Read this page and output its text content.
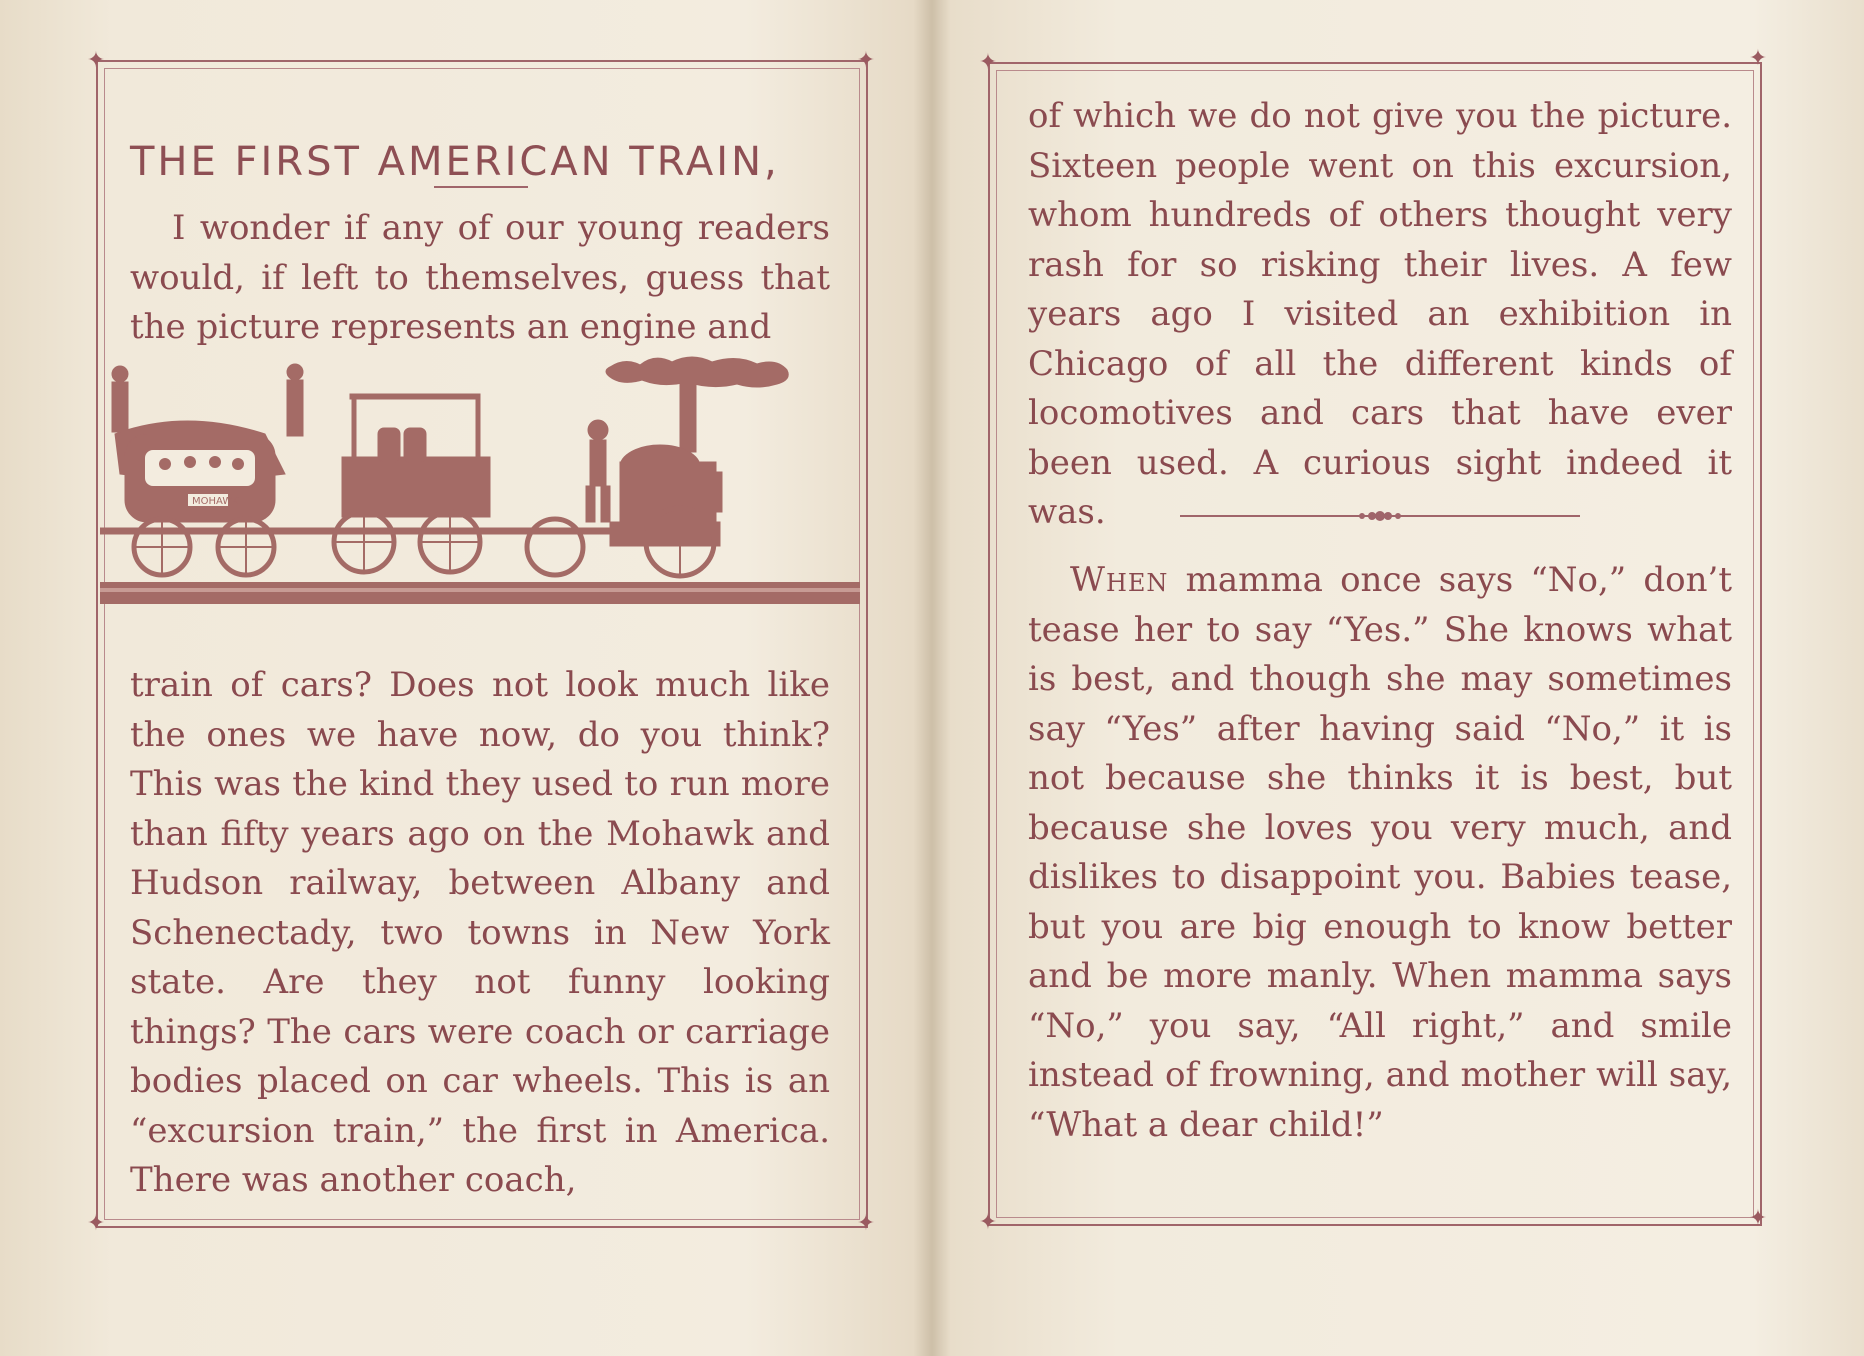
✦	✦
✦	✦
THE FIRST AMERICAN TRAIN,

I wonder if any of our young readers would, if left to themselves, guess that the picture represents an engine and

MOHAWK

train of cars? Does not look much like the ones we have now, do you think? This was the kind they used to run more than fifty years ago on the Mohawk and Hudson railway, between Albany and Schenectady, two towns in New York state. Are they not funny looking things? The cars were coach or carriage bodies placed on car wheels. This is an “excursion train,” the first in America. There was another coach,

✦	✦
✦	✦

of which we do not give you the picture. Sixteen people went on this excursion, whom hundreds of others thought very rash for so risking their lives. A few years ago I visited an exhibition in Chicago of all the different kinds of locomotives and cars that have ever been used. A curious sight indeed it was.

When mamma once says “No,” don’t tease her to say “Yes.” She knows what is best, and though she may sometimes say “Yes” after having said “No,” it is not because she thinks it is best, but because she loves you very much, and dislikes to disappoint you. Babies tease, but you are big enough to know better and be more manly. When mamma says “No,” you say, “All right,” and smile instead of frowning, and mother will say, “What a dear child!”
